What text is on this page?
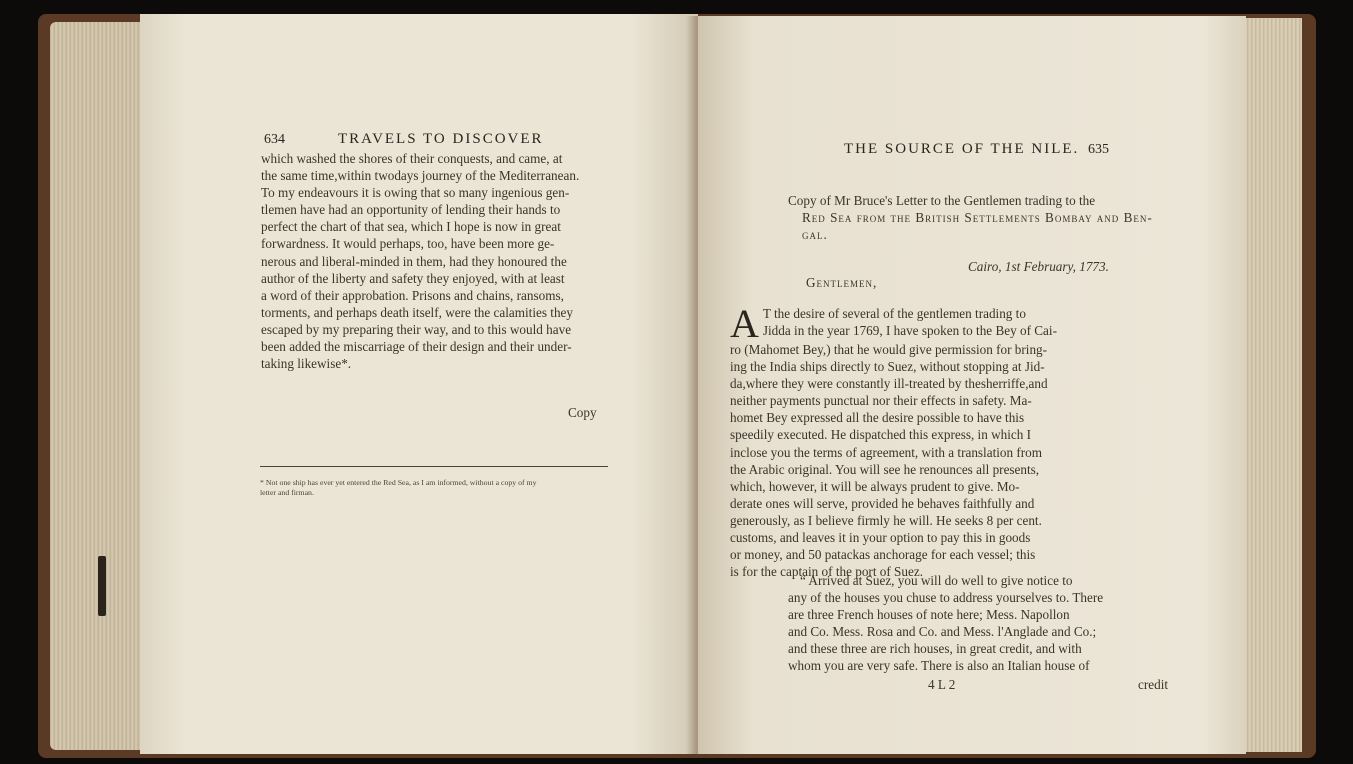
634	TRAVELS TO DISCOVER
which washed the shores of their conquests, and came, at
the same time,within twodays journey of the Mediterranean.
To my endeavours it is owing that so many ingenious gen-
tlemen have had an opportunity of lending their hands to
perfect the chart of that sea, which I hope is now in great
forwardness. It would perhaps, too, have been more ge-
nerous and liberal-minded in them, had they honoured the
author of the liberty and safety they enjoyed, with at least
a word of their approbation. Prisons and chains, ransoms,
torments, and perhaps death itself, were the calamities they
escaped by my preparing their way, and to this would have
been added the miscarriage of their design and their under-
taking likewise*.
Copy
* Not one ship has ever yet entered the Red Sea, as I am informed, without a copy of my
letter and firman.
THE SOURCE OF THE NILE. 635
Copy of Mr Bruce's Letter to the Gentlemen trading to the
Red Sea from the British Settlements Bombay and Ben-
gal.
Cairo, 1st February, 1773.
Gentlemen,
A T the desire of several of the gentlemen trading to
Jidda in the year 1769, I have spoken to the Bey of Cai-
ro (Mahomet Bey,) that he would give permission for bring-
ing the India ships directly to Suez, without stopping at Jid-
da,where they were constantly ill-treated by thesherriffe,and
neither payments punctual nor their effects in safety. Ma-
homet Bey expressed all the desire possible to have this
speedily executed. He dispatched this express, in which I
inclose you the terms of agreement, with a translation from
the Arabic original. You will see he renounces all presents,
which, however, it will be always prudent to give. Mo-
derate ones will serve, provided he behaves faithfully and
generously, as I believe firmly he will. He seeks 8 per cent.
customs, and leaves it in your option to pay this in goods
or money, and 50 patackas anchorage for each vessel; this
is for the captain of the port of Suez.
“ Arrived at Suez, you will do well to give notice to
any of the houses you chuse to address yourselves to. There
are three French houses of note here; Mess. Napollon
and Co. Mess. Rosa and Co. and Mess. l'Anglade and Co.;
and these three are rich houses, in great credit, and with
whom you are very safe. There is also an Italian house of
4 L 2	credit
